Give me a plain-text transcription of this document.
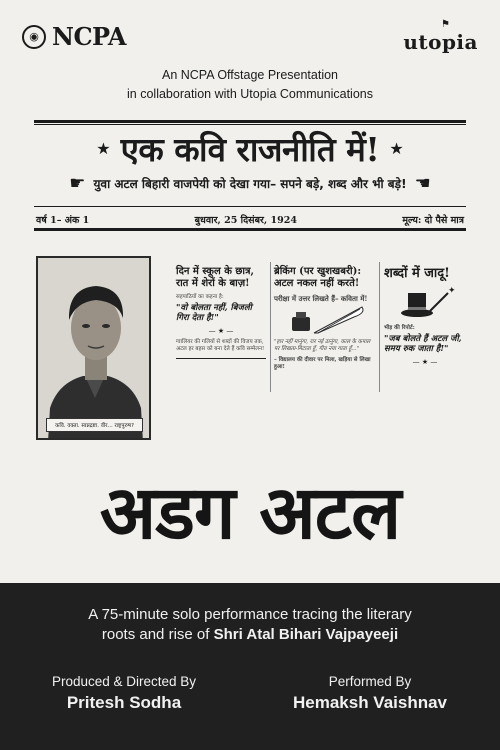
◉ NCPA	⚑
utopia
An NCPA Offstage Presentation
in collaboration with Utopia Communications
★ एक कवि राजनीति में! ★
☛ युवा अटल बिहारी वाजपेयी को देखा गया– सपने बड़े, शब्द और भी बड़े! ☚
वर्ष 1– अंक 1	बुधवार, 25 दिसंबर, 1924	मूल्य: दो पैसे मात्र
कवि. वक्ता. स्वप्नद्रष्टा. वीर... राष्ट्रपुरुष?
दिन में स्कूल के छात्र, रात में शेरों के बाज़!
सहपाठियों का कहना है:
"वो बोलता नहीं, बिजली गिरा देता है!"
— ★ —
ग्वालियर की गलियों से शब्दों की विजय तक, अटल हर बहस को बना देते हैं कवि सम्मेलन!
ब्रेकिंग (पर खुशखबरी): अटल नकल नहीं करते!
परीक्षा में उत्तर लिखते हैं– कविता में!
"हार नहीं मानूंगा, रार नई ठानूंगा, काल के कपाल पर लिखता-मिटाता हूँ, गीत नया गाता हूँ..."
– विद्यालय की दीवार पर मिला, खड़िया से लिखा हुआ!
शब्दों में जादू!
✦
भीड़ की रिपोर्ट:
"जब बोलते हैं अटल जी, समय रुक जाता है!"
— ★ —
अडग अटल
A 75-minute solo performance tracing the literary
roots and rise of Shri Atal Bihari Vajpayeeji
Produced & Directed By
Pritesh Sodha
Performed By
Hemaksh Vaishnav
